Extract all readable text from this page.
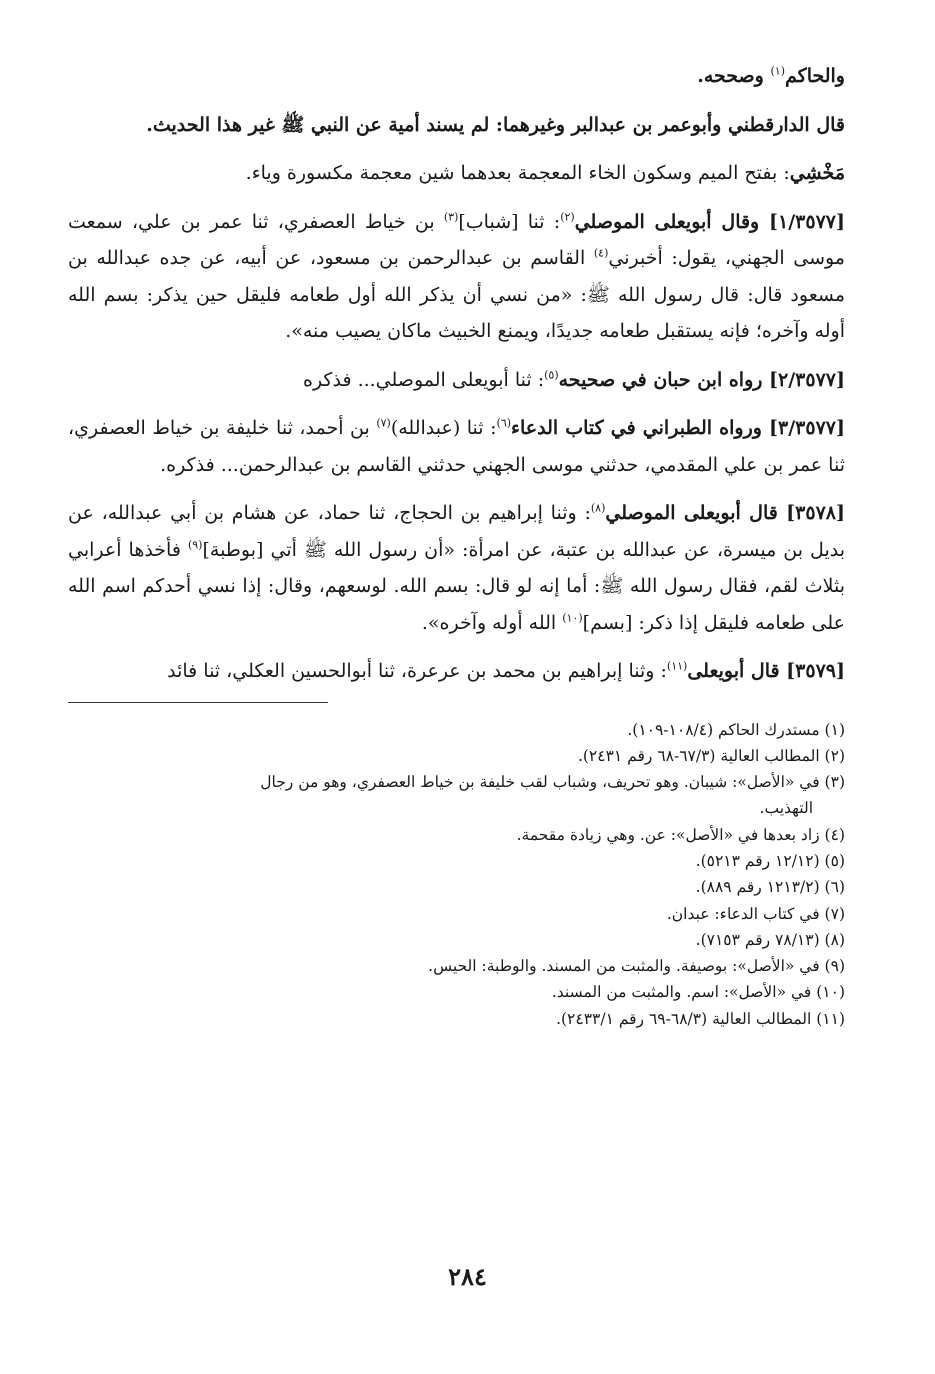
والحاكم$^{(١)}$ وصححه.

قال الدارقطني وأبوعمر بن عبدالبر وغيرهما: لم يسند أمية عن النبي ﷺ غير هذا الحديث.

مَخْشِي: بفتح الميم وسكون الخاء المعجمة بعدهما شين معجمة مكسورة وياء.

[١/٣٥٧٧] وقال أبويعلى الموصلي$^{(٢)}$: ثنا [شباب]$^{(٣)}$ بن خياط العصفري، ثنا عمر بن علي، سمعت موسى الجهني، يقول: أخبرني$^{(٤)}$ القاسم بن عبدالرحمن بن مسعود، عن أبيه، عن جده عبدالله بن مسعود قال: قال رسول الله ﷺ: «من نسي أن يذكر الله أول طعامه فليقل حين يذكر: بسم الله أوله وآخره؛ فإنه يستقبل طعامه جديدًا، ويمنع الخبيث ماكان يصيب منه».

[٢/٣٥٧٧] رواه ابن حبان في صحيحه$^{(٥)}$: ثنا أبويعلى الموصلي... فذكره

[٣/٣٥٧٧] ورواه الطبراني في كتاب الدعاء$^{(٦)}$: ثنا (عبدالله)$^{(٧)}$ بن أحمد، ثنا خليفة بن خياط العصفري، ثنا عمر بن علي المقدمي، حدثني موسى الجهني حدثني القاسم بن عبدالرحمن... فذكره.

[٣٥٧٨] قال أبويعلى الموصلي$^{(٨)}$: وثنا إبراهيم بن الحجاج، ثنا حماد، عن هشام بن أبي عبدالله، عن بديل بن ميسرة، عن عبدالله بن عتبة، عن امرأة: «أن رسول الله ﷺ أتي [بوطبة]$^{(٩)}$ فأخذها أعرابي بثلاث لقم، فقال رسول الله ﷺ: أما إنه لو قال: بسم الله. لوسعهم، وقال: إذا نسي أحدكم اسم الله على طعامه فليقل إذا ذكر: [بسم]$^{(١٠)}$ الله أوله وآخره».

[٣٥٧٩] قال أبويعلى$^{(١١)}$: وثنا إبراهيم بن محمد بن عرعرة، ثنا أبوالحسين العكلي، ثنا فائد

(١) مستدرك الحاكم (١٠٨/٤-١٠٩).
(٢) المطالب العالية (٦٧/٣-٦٨ رقم ٢٤٣١).
(٣) في «الأصل»: شيبان. وهو تحريف، وشباب لقب خليفة بن خياط العصفري، وهو من رجال
التهذيب.
(٤) زاد بعدها في «الأصل»: عن. وهي زيادة مقحمة.
(٥) (١٢/١٢ رقم ٥٢١٣).
(٦) (١٢١٣/٢ رقم ٨٨٩).
(٧) في كتاب الدعاء: عبدان.
(٨) (٧٨/١٣ رقم ٧١٥٣).
(٩) في «الأصل»: بوصيفة. والمثبت من المسند. والوطبة: الحيس.
(١٠) في «الأصل»: اسم. والمثبت من المسند.
(١١) المطالب العالية (٦٨/٣-٦٩ رقم ٢٤٣٣/١).
٢٨٤
